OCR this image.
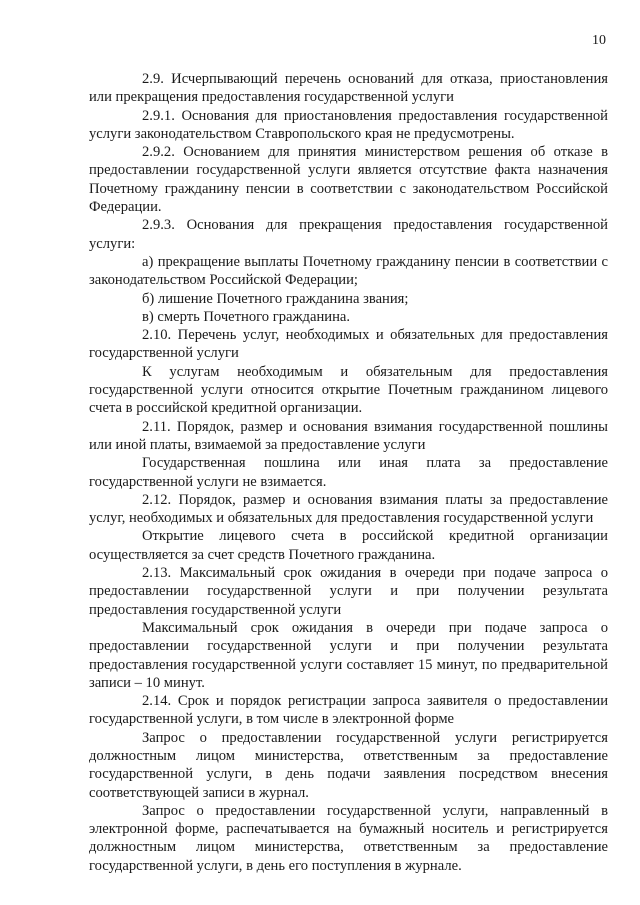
10

2.9. Исчерпывающий перечень оснований для отказа, приостановления или прекращения предоставления государственной услуги

2.9.1. Основания для приостановления предоставления государственной услуги законодательством Ставропольского края не предусмотрены.

2.9.2. Основанием для принятия министерством решения об отказе в предоставлении государственной услуги является отсутствие факта назначения Почетному гражданину пенсии в соответствии с законодательством Российской Федерации.

2.9.3. Основания для прекращения предоставления государственной услуги:

а) прекращение выплаты Почетному гражданину пенсии в соответствии с законодательством Российской Федерации;

б) лишение Почетного гражданина звания;

в) смерть Почетного гражданина.

2.10. Перечень услуг, необходимых и обязательных для предоставления государственной услуги

К услугам необходимым и обязательным для предоставления государственной услуги относится открытие Почетным гражданином лицевого счета в российской кредитной организации.

2.11. Порядок, размер и основания взимания государственной пошлины или иной платы, взимаемой за предоставление услуги

Государственная пошлина или иная плата за предоставление государственной услуги не взимается.

2.12. Порядок, размер и основания взимания платы за предоставление услуг, необходимых и обязательных для предоставления государственной услуги

Открытие лицевого счета в российской кредитной организации осуществляется за счет средств Почетного гражданина.

2.13. Максимальный срок ожидания в очереди при подаче запроса о предоставлении государственной услуги и при получении результата предоставления государственной услуги

Максимальный срок ожидания в очереди при подаче запроса о предоставлении государственной услуги и при получении результата предоставления государственной услуги составляет 15 минут, по предварительной записи – 10 минут.

2.14. Срок и порядок регистрации запроса заявителя о предоставлении государственной услуги, в том числе в электронной форме

Запрос о предоставлении государственной услуги регистрируется должностным лицом министерства, ответственным за предоставление государственной услуги, в день подачи заявления посредством внесения соответствующей записи в журнал.

Запрос о предоставлении государственной услуги, направленный в электронной форме, распечатывается на бумажный носитель и регистрируется должностным лицом министерства, ответственным за предоставление государственной услуги, в день его поступления в журнале.
